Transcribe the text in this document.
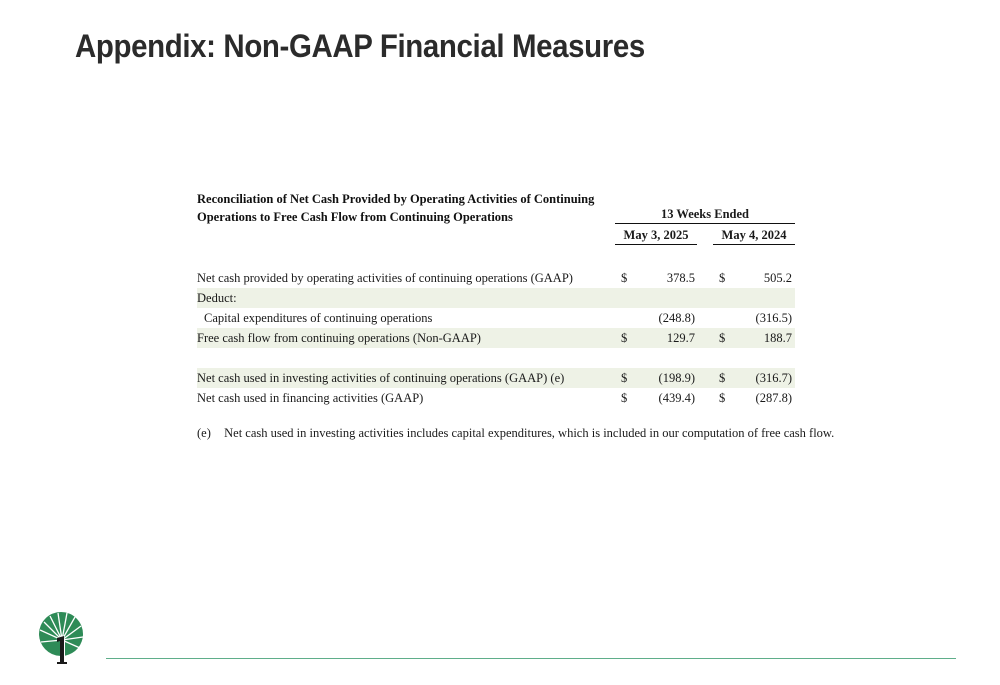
Appendix: Non-GAAP Financial Measures
Reconciliation of Net Cash Provided by Operating Activities of Continuing
Operations to Free Cash Flow from Continuing Operations	13 Weeks Ended
May 3, 2025	May 4, 2024
Net cash provided by operating activities of continuing operations (GAAP)	$	378.5 $	505.2
Deduct:
Capital expenditures of continuing operations	(248.8)	(316.5)
Free cash flow from continuing operations (Non-GAAP)	$	129.7 $	188.7
Net cash used in investing activities of continuing operations (GAAP) (e)	$	(198.9) $ (316.7)
Net cash used in financing activities (GAAP)	$	(439.4) $ (287.8)
(e) Net cash used in investing activities includes capital expenditures, which is included in our computation of free cash flow.
